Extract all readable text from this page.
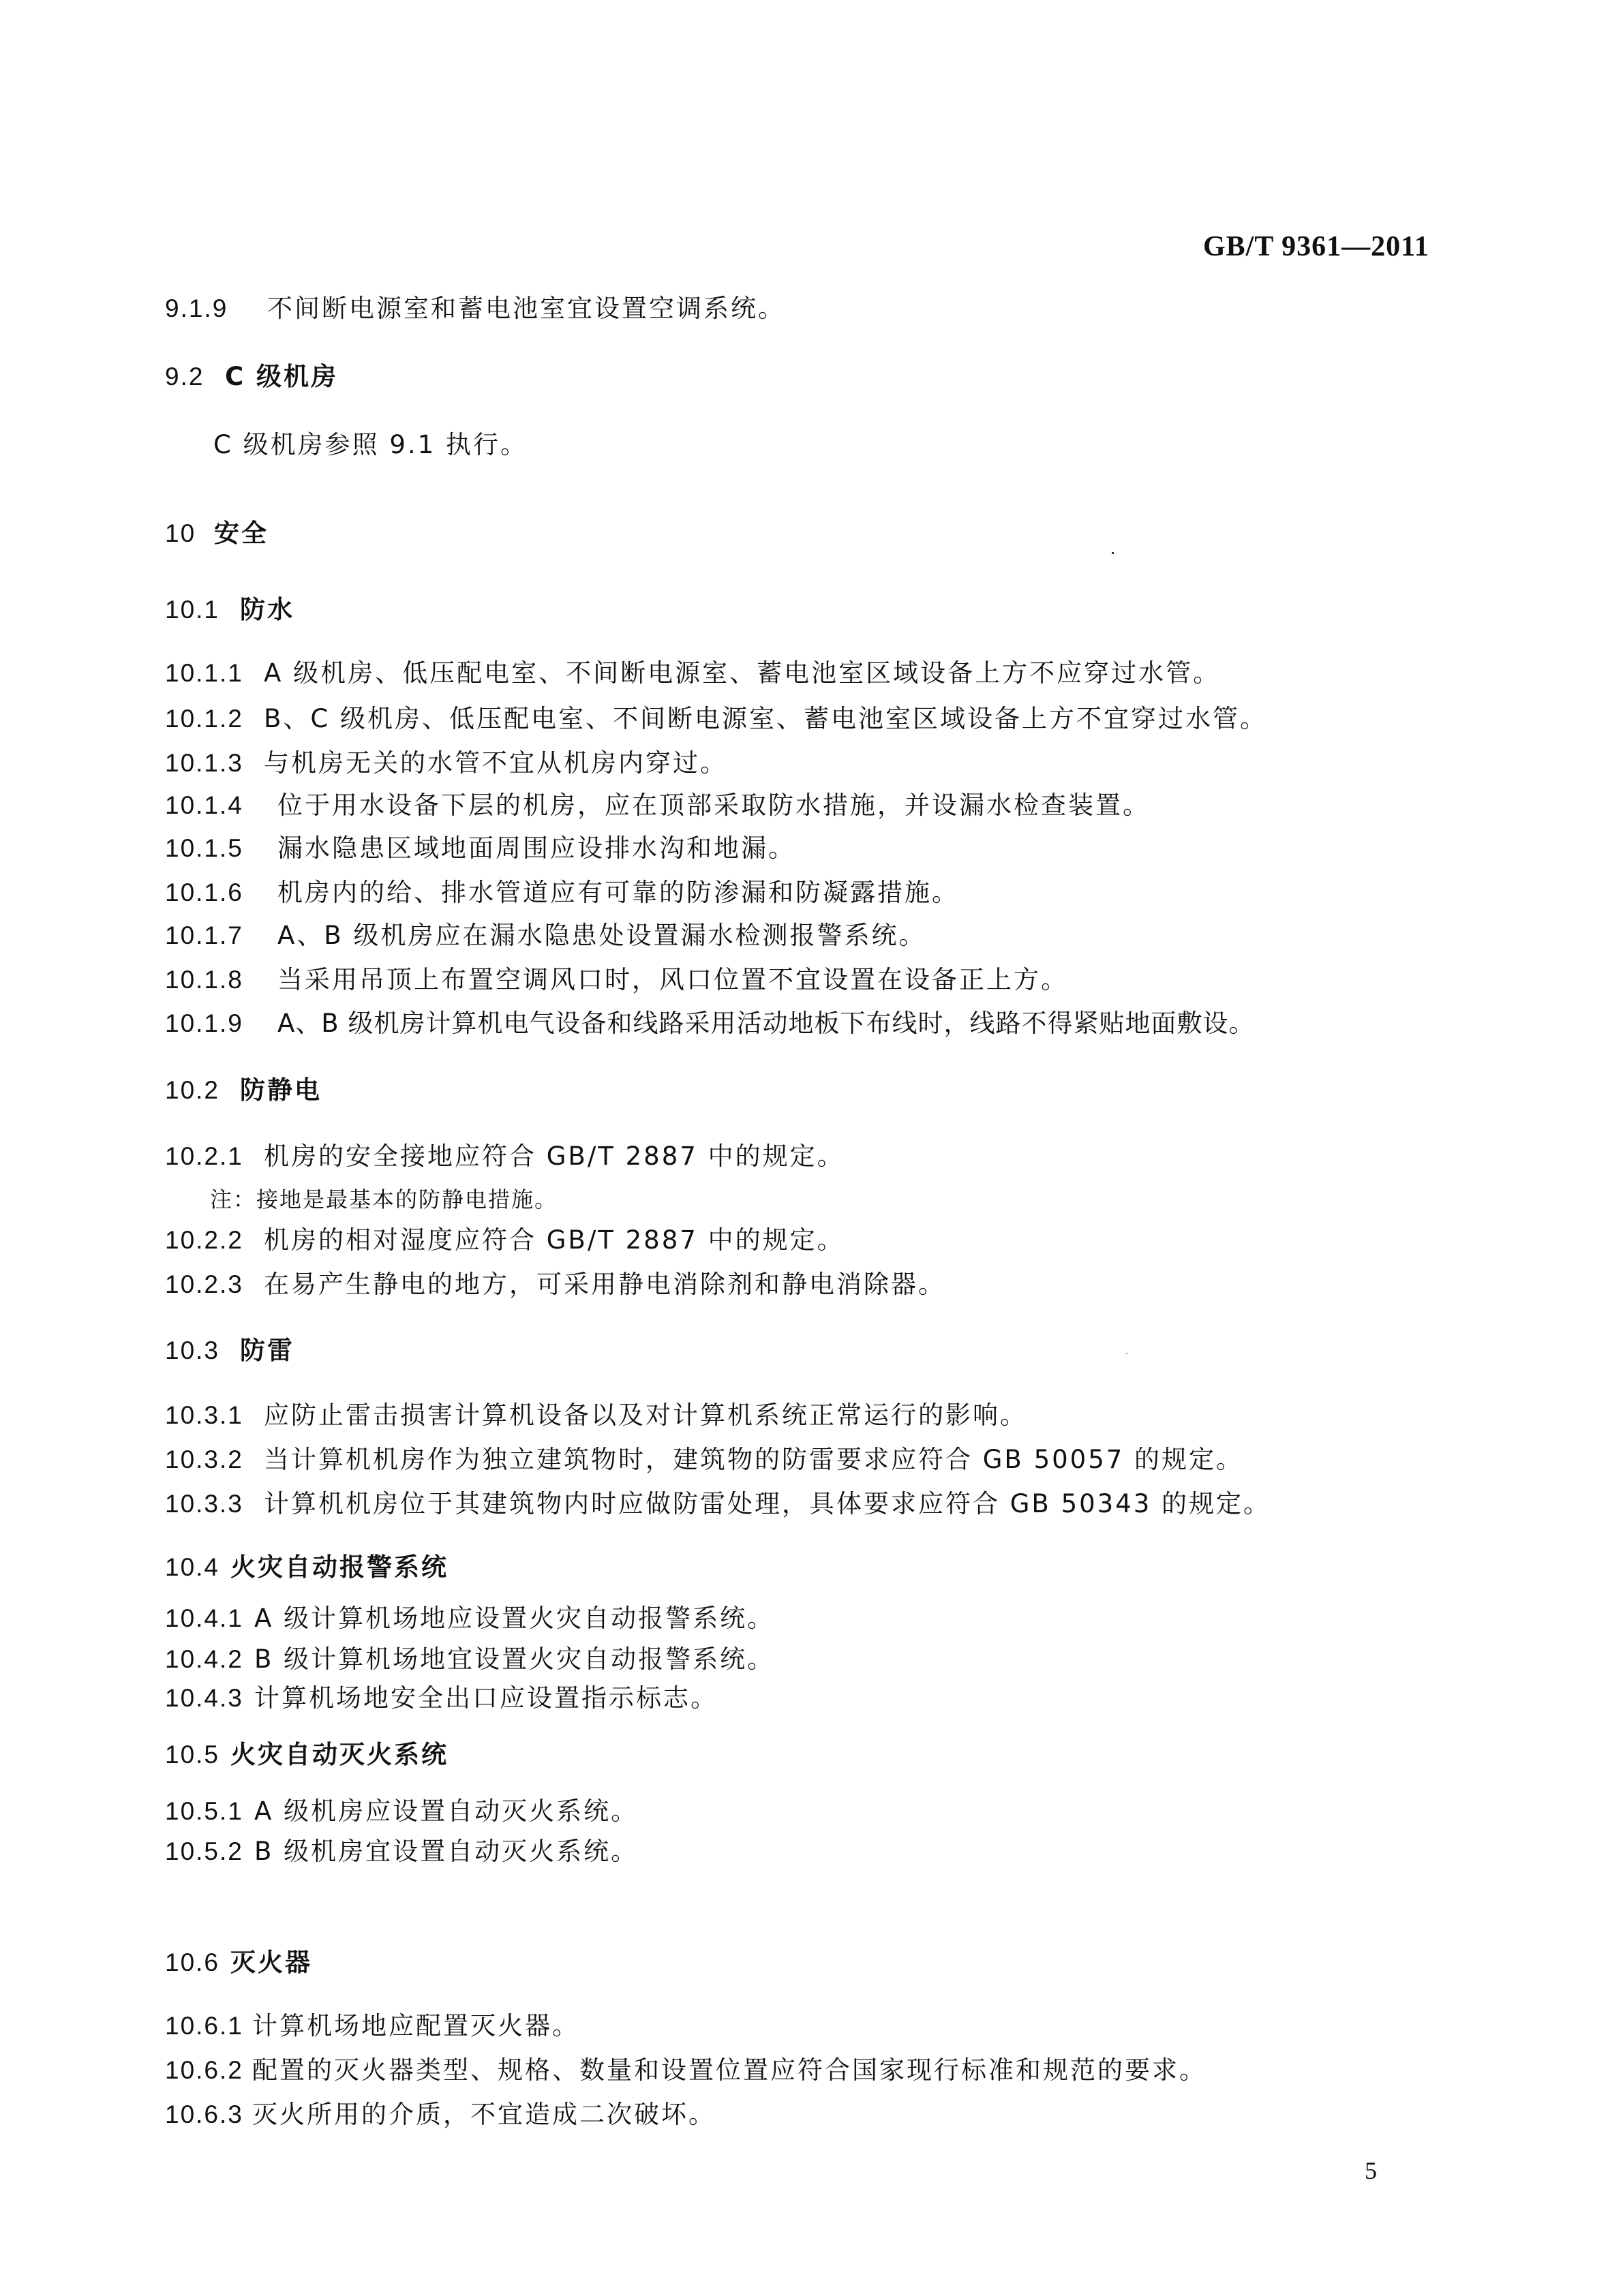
GB/T 9361—2011
9.1.9	不间断电源室和蓄电池室宜设置空调系统。
9.2 C 级机房
C 级机房参照 9.1 执行。
10 安全
10.1 防水
10.1.1 A 级机房、低压配电室、不间断电源室、蓄电池室区域设备上方不应穿过水管。
10.1.2 B、C 级机房、低压配电室、不间断电源室、蓄电池室区域设备上方不宜穿过水管。
10.1.3 与机房无关的水管不宜从机房内穿过。
10.1.4	位于用水设备下层的机房，应在顶部采取防水措施，并设漏水检查装置。
10.1.5	漏水隐患区域地面周围应设排水沟和地漏。
10.1.6	机房内的给、排水管道应有可靠的防渗漏和防凝露措施。
10.1.7	A、B 级机房应在漏水隐患处设置漏水检测报警系统。
10.1.8	当采用吊顶上布置空调风口时，风口位置不宜设置在设备正上方。
10.1.9	A、B 级机房计算机电气设备和线路采用活动地板下布线时，线路不得紧贴地面敷设。
10.2 防静电
10.2.1 机房的安全接地应符合 GB/T 2887 中的规定。
注：接地是最基本的防静电措施。
10.2.2 机房的相对湿度应符合 GB/T 2887 中的规定。
10.2.3 在易产生静电的地方，可采用静电消除剂和静电消除器。
10.3 防雷
10.3.1 应防止雷击损害计算机设备以及对计算机系统正常运行的影响。
10.3.2 当计算机机房作为独立建筑物时，建筑物的防雷要求应符合 GB 50057 的规定。
10.3.3 计算机机房位于其建筑物内时应做防雷处理，具体要求应符合 GB 50343 的规定。
10.4 火灾自动报警系统
10.4.1 A 级计算机场地应设置火灾自动报警系统。
10.4.2 B 级计算机场地宜设置火灾自动报警系统。
10.4.3 计算机场地安全出口应设置指示标志。
10.5 火灾自动灭火系统
10.5.1 A 级机房应设置自动灭火系统。
10.5.2 B 级机房宜设置自动灭火系统。
10.6 灭火器
10.6.1 计算机场地应配置灭火器。
10.6.2 配置的灭火器类型、规格、数量和设置位置应符合国家现行标准和规范的要求。
10.6.3 灭火所用的介质，不宜造成二次破坏。
5
